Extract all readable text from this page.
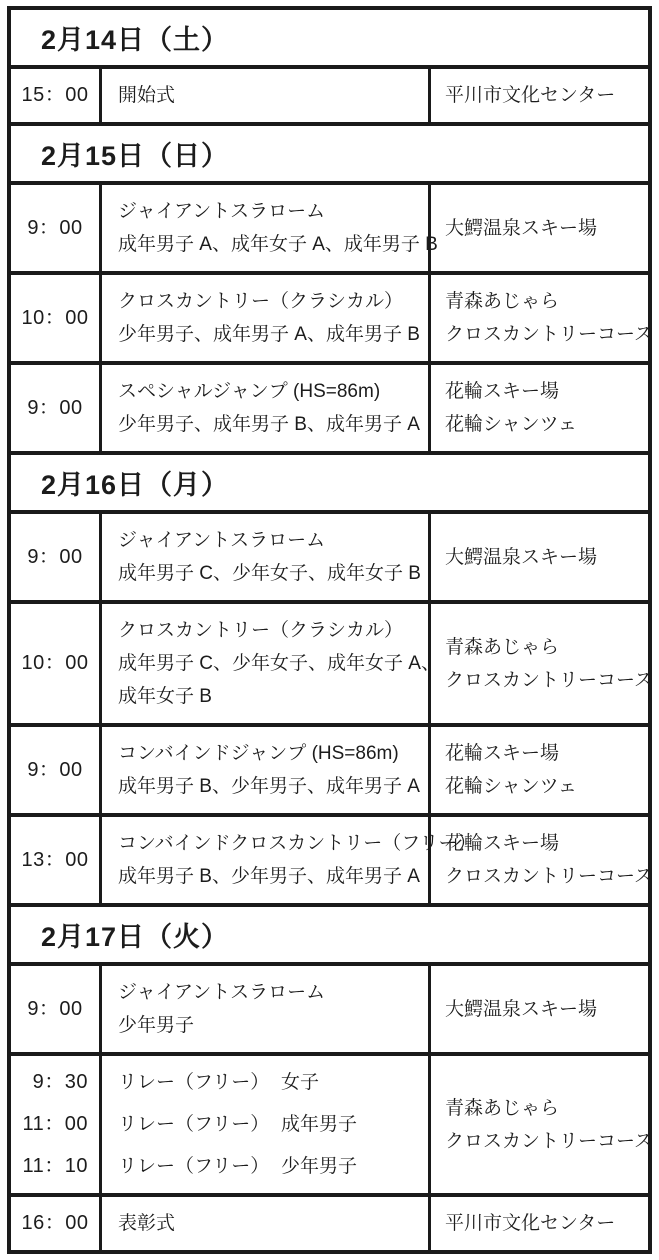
2月14日（土）
15：00 開始式	平川市文化センター
2月15日（日）
9：00
ジャイアントスラローム
成年男子 A、成年女子 A、成年男子 B
大鰐温泉スキー場
10：00
クロスカントリー（クラシカル）
少年男子、成年男子 A、成年男子 B
青森あじゃら
クロスカントリーコース
9：00
スペシャルジャンプ (HS=86m)
少年男子、成年男子 B、成年男子 A
花輪スキー場
花輪シャンツェ
2月16日（月）
9：00
ジャイアントスラローム
成年男子 C、少年女子、成年女子 B
大鰐温泉スキー場
10：00
クロスカントリー（クラシカル）
成年男子 C、少年女子、成年女子 A、
成年女子 B
青森あじゃら
クロスカントリーコース
9：00
コンバインドジャンプ (HS=86m)
成年男子 B、少年男子、成年男子 A
花輪スキー場
花輪シャンツェ
13：00
コンバインドクロスカントリー（フリー）
成年男子 B、少年男子、成年男子 A
花輪スキー場
クロスカントリーコース
2月17日（火）
9：00
ジャイアントスラローム
少年男子
大鰐温泉スキー場
9：30
11：00
11：10
リレー（フリー） 女子
リレー（フリー） 成年男子
リレー（フリー） 少年男子
青森あじゃら
クロスカントリーコース
16：00 表彰式	平川市文化センター
